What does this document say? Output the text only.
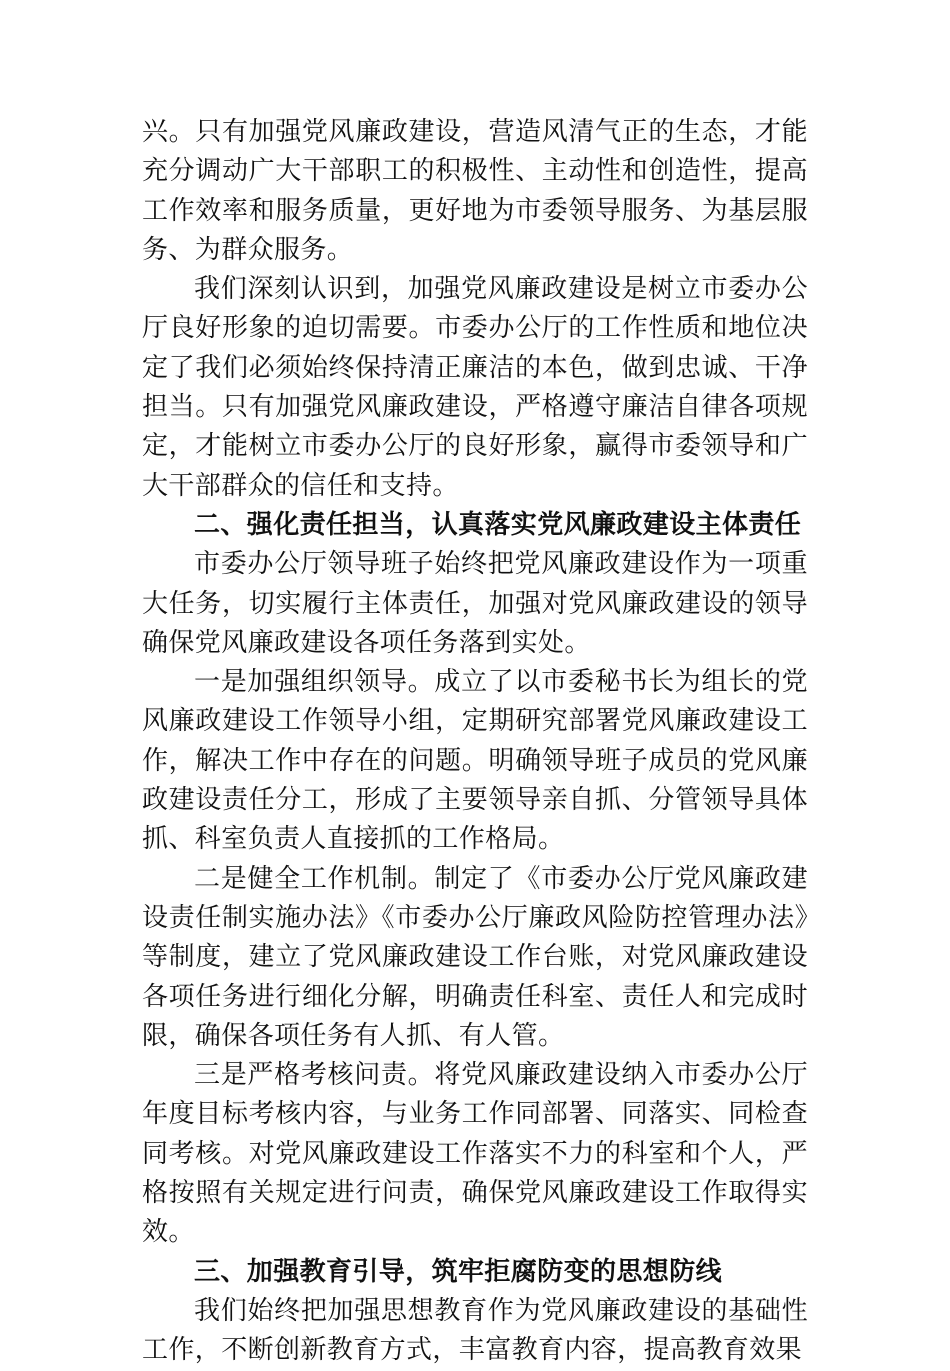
兴。只有加强党风廉政建设，营造风清气正的生态，才能充分调动广大干部职工的积极性、主动性和创造性，提高工作效率和服务质量，更好地为市委领导服务、为基层服务、为群众服务。

我们深刻认识到，加强党风廉政建设是树立市委办公厅良好形象的迫切需要。市委办公厅的工作性质和地位决定了我们必须始终保持清正廉洁的本色，做到忠诚、干净担当。只有加强党风廉政建设，严格遵守廉洁自律各项规定，才能树立市委办公厅的良好形象，赢得市委领导和广大干部群众的信任和支持。

二、强化责任担当，认真落实党风廉政建设主体责任

市委办公厅领导班子始终把党风廉政建设作为一项重大任务，切实履行主体责任，加强对党风廉政建设的领导确保党风廉政建设各项任务落到实处。

一是加强组织领导。成立了以市委秘书长为组长的党风廉政建设工作领导小组，定期研究部署党风廉政建设工作，解决工作中存在的问题。明确领导班子成员的党风廉政建设责任分工，形成了主要领导亲自抓、分管领导具体抓、科室负责人直接抓的工作格局。

二是健全工作机制。制定了《市委办公厅党风廉政建设责任制实施办法》《市委办公厅廉政风险防控管理办法》等制度，建立了党风廉政建设工作台账，对党风廉政建设各项任务进行细化分解，明确责任科室、责任人和完成时限，确保各项任务有人抓、有人管。

三是严格考核问责。将党风廉政建设纳入市委办公厅年度目标考核内容，与业务工作同部署、同落实、同检查同考核。对党风廉政建设工作落实不力的科室和个人，严格按照有关规定进行问责，确保党风廉政建设工作取得实效。

三、加强教育引导，筑牢拒腐防变的思想防线

我们始终把加强思想教育作为党风廉政建设的基础性工作，不断创新教育方式，丰富教育内容，提高教育效果
